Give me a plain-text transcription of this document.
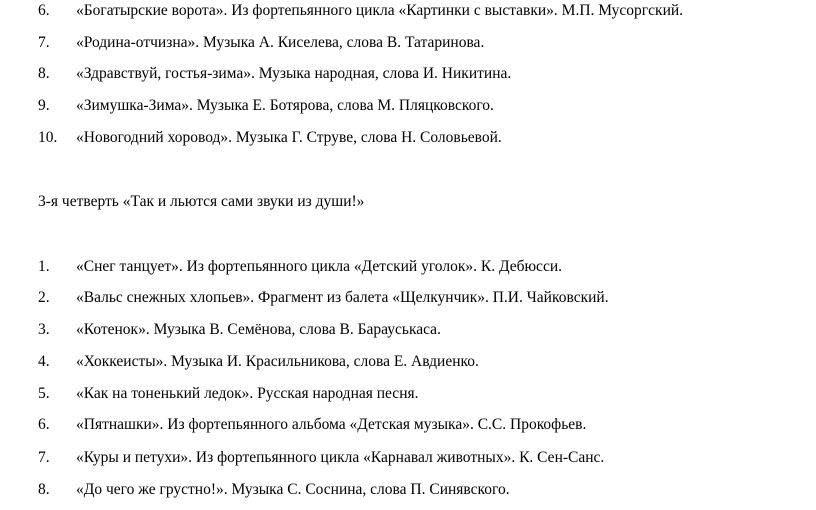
6. «Богатырские ворота». Из фортепьянного цикла «Картинки с выставки». М.П. Мусоргский.
7. «Родина-отчизна». Музыка А. Киселева, слова В. Татаринова.
8. «Здравствуй, гостья-зима». Музыка народная, слова И. Никитина.
9. «Зимушка-Зима». Музыка Е. Ботярова, слова М. Пляцковского.
10. «Новогодний хоровод». Музыка Г. Струве, слова Н. Соловьевой.
3-я четверть «Так и льются сами звуки из души!»
1. «Снег танцует». Из фортепьянного цикла «Детский уголок». К. Дебюсси.
2. «Вальс снежных хлопьев». Фрагмент из балета «Щелкунчик». П.И. Чайковский.
3. «Котенок». Музыка В. Семёнова, слова В. Барауськаса.
4. «Хоккеисты». Музыка И. Красильникова, слова Е. Авдиенко.
5. «Как на тоненький ледок». Русская народная песня.
6. «Пятнашки». Из фортепьянного альбома «Детская музыка». С.С. Прокофьев.
7. «Куры и петухи». Из фортепьянного цикла «Карнавал животных». К. Сен-Санс.
8. «До чего же грустно!». Музыка С. Соснина, слова П. Синявского.
